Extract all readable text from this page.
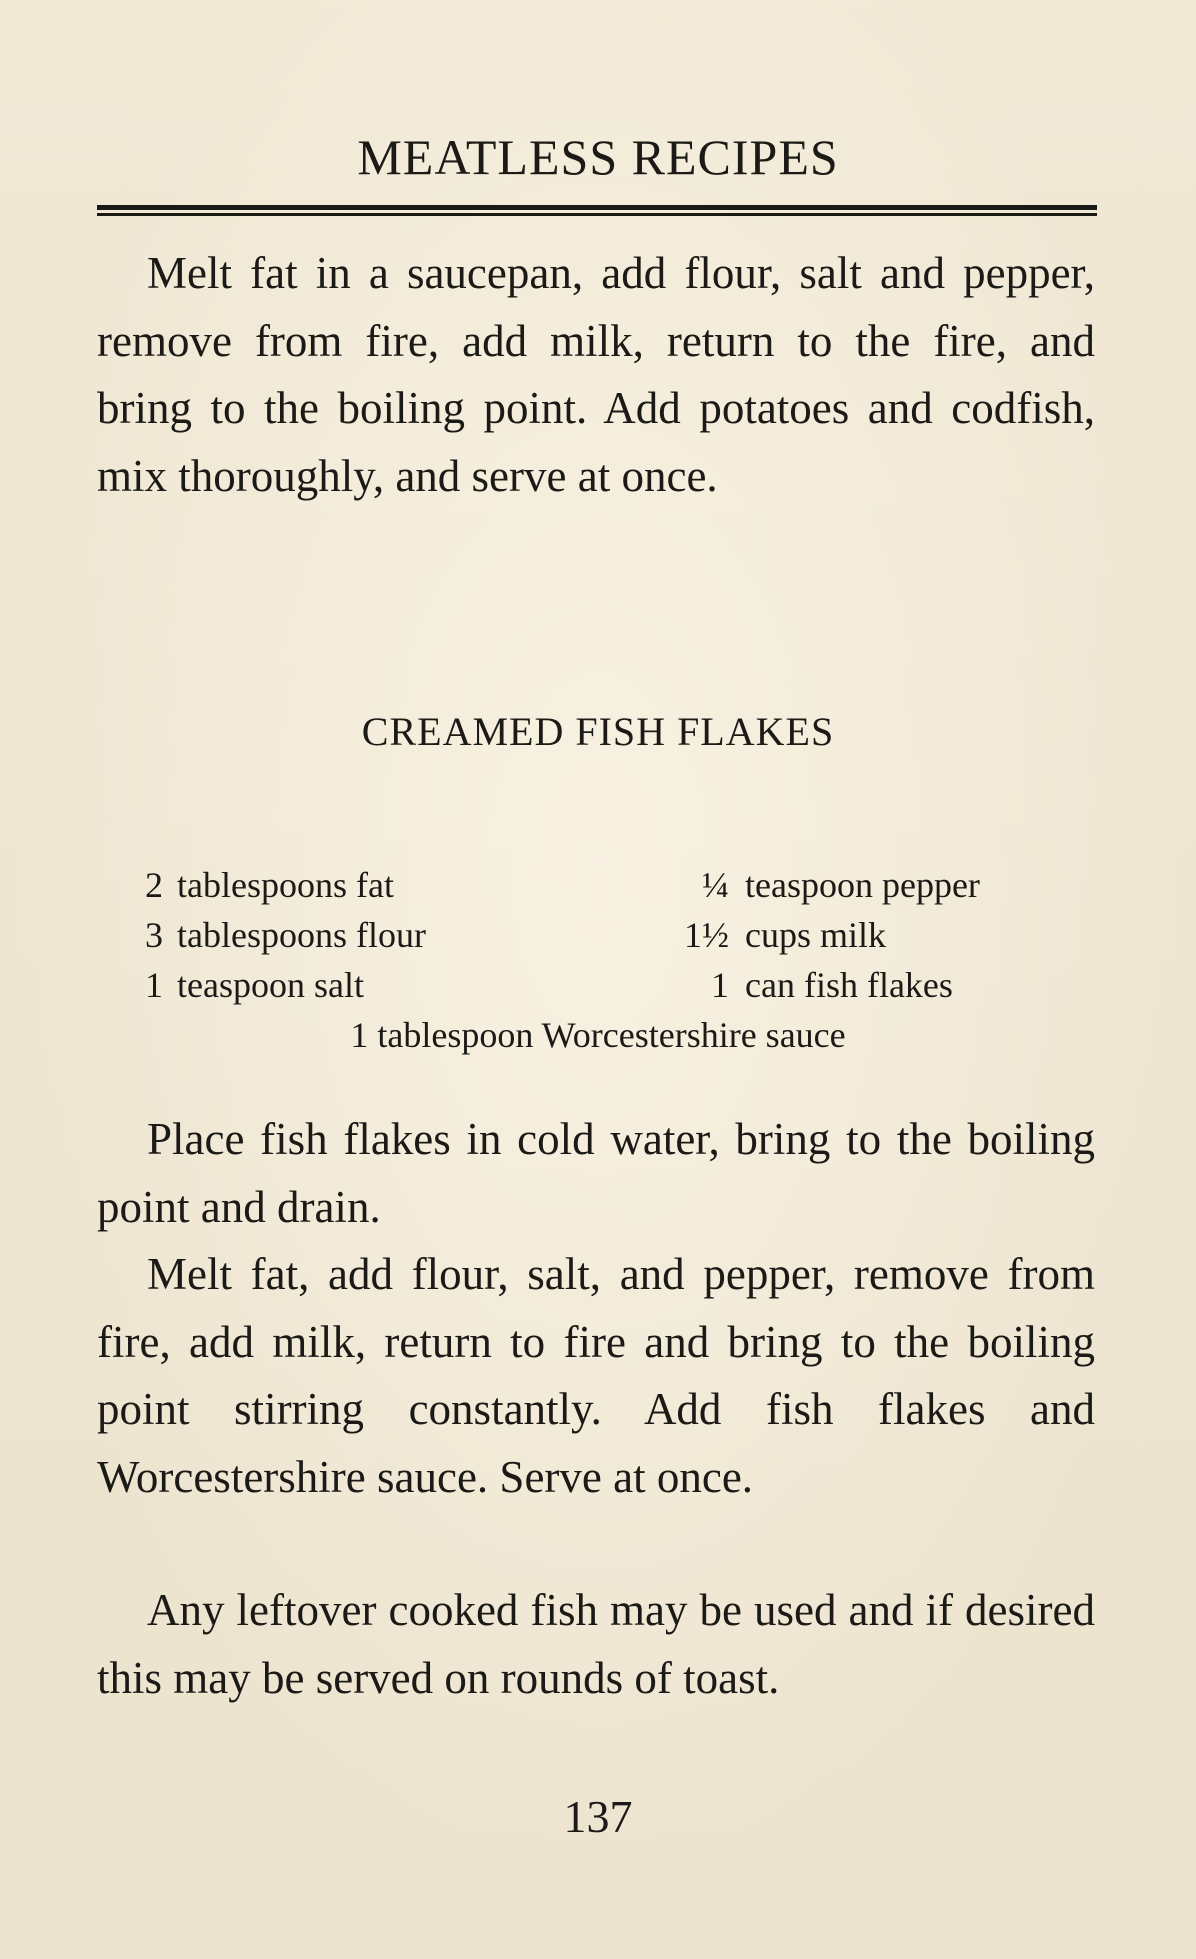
MEATLESS RECIPES

Melt fat in a saucepan, add flour, salt and pepper, remove from fire, add milk, return to the fire, and bring to the boiling point. Add potatoes and codfish, mix thoroughly, and serve at once.

CREAMED FISH FLAKES
2 tablespoons fat
3 tablespoons flour
1 teaspoon salt
¼ teaspoon pepper
1½ cups milk
1 can fish flakes
1 tablespoon Worcestershire sauce

Place fish flakes in cold water, bring to the boiling point and drain.

Melt fat, add flour, salt, and pepper, remove from fire, add milk, return to fire and bring to the boiling point stirring constantly. Add fish flakes and Worcestershire sauce. Serve at once.

Any leftover cooked fish may be used and if desired this may be served on rounds of toast.

137
